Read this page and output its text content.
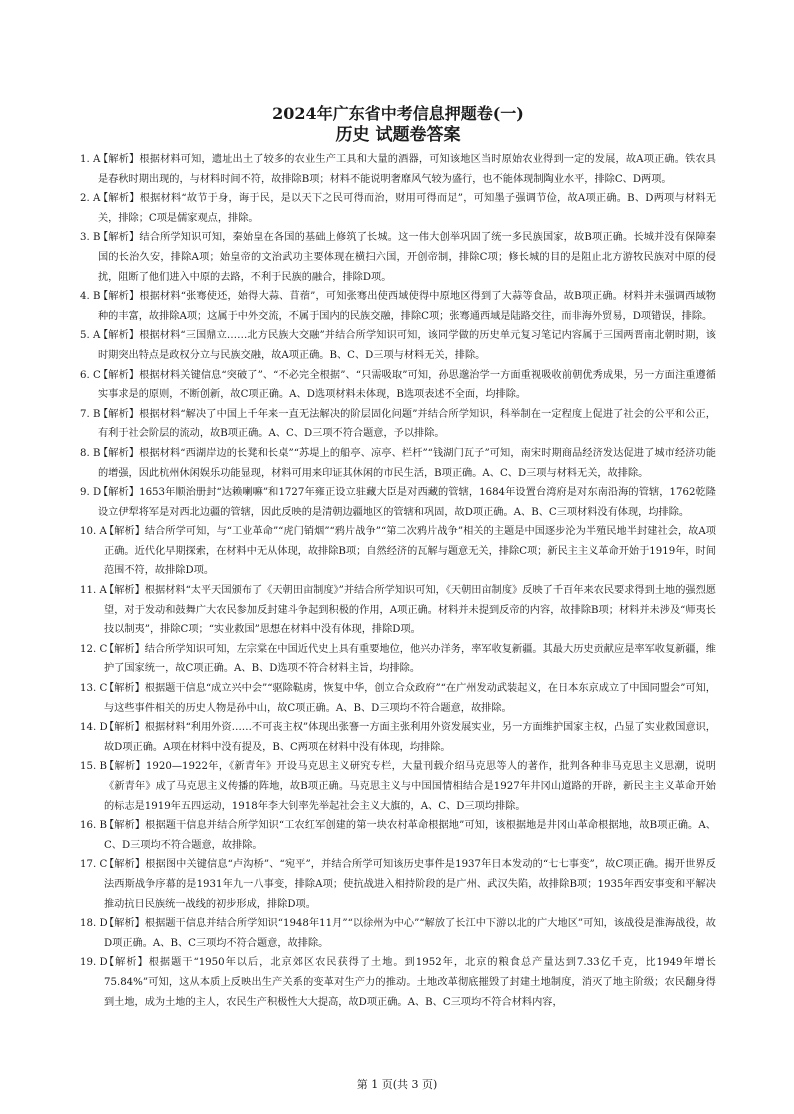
2024年广东省中考信息押题卷(一)
历史 试题卷答案
1. A
【解析】根据材料可知，遗址出土了较多的农业生产工具和大量的酒器，可知该地区当时原始农业得到一定的发展，故A项正确。铁农具是春秋时期出现的，与材料时间不符，故排除B项；材料不能说明奢靡风气较为盛行，也不能体现制陶业水平，排除C、D两项。
2. A
【解析】根据材料“故节于身，诲于民，是以天下之民可得而治，财用可得而足”，可知墨子强调节俭，故A项正确。B、D两项与材料无关，排除；C项是儒家观点，排除。
3. B
【解析】结合所学知识可知，秦始皇在各国的基础上修筑了长城。这一伟大创举巩固了统一多民族国家，故B项正确。长城并没有保障秦国的长治久安，排除A项；始皇帝的文治武功主要体现在横扫六国，开创帝制，排除C项；修长城的目的是阻止北方游牧民族对中原的侵扰，阻断了他们进入中原的去路，不利于民族的融合，排除D项。
4. B
【解析】根据材料“张骞使还，始得大蒜、苜蓿”，可知张骞出使西域使得中原地区得到了大蒜等食品，故B项正确。材料并未强调西域物种的丰富，故排除A项；这属于中外交流，不属于国内的民族交融，排除C项；张骞通西域是陆路交往，而非海外贸易，D项错误，排除。
5. A
【解析】根据材料“三国鼎立……北方民族大交融”并结合所学知识可知，该同学做的历史单元复习笔记内容属于三国两晋南北朝时期，该时期突出特点是政权分立与民族交融，故A项正确。B、C、D三项与材料无关，排除。
6. C
【解析】根据材料关键信息“突破了”、“不必完全根据”、“只需吸取”可知，孙思邈治学一方面重视吸收前朝优秀成果，另一方面注重遵循实事求是的原则，不断创新，故C项正确。A、D选项材料未体现，B选项表述不全面，均排除。
7. B
【解析】根据材料“解决了中国上千年来一直无法解决的阶层固化问题”并结合所学知识，科举制在一定程度上促进了社会的公平和公正，有利于社会阶层的流动，故B项正确。A、C、D三项不符合题意，予以排除。
8. B
【解析】根据材料“西湖岸边的长凳和长桌”“苏堤上的船亭、凉亭、栏杆”“钱湖门瓦子”可知，南宋时期商品经济发达促进了城市经济功能的增强，因此杭州休闲娱乐功能显现，材料可用来印证其休闲的市民生活，B项正确。A、C、D三项与材料无关，故排除。
9. D
【解析】1653年顺治册封“达赖喇嘛”和1727年雍正设立驻藏大臣是对西藏的管辖，1684年设置台湾府是对东南沿海的管辖，1762乾隆设立伊犁将军是对西北边疆的管辖，因此反映的是清朝边疆地区的管辖和巩固，故D项正确。A、B、C三项材料没有体现，均排除。
10. A
【解析】结合所学可知，与“工业革命”“虎门销烟”“鸦片战争”“第二次鸦片战争”相关的主题是中国逐步沦为半殖民地半封建社会，故A项正确。近代化早期探索，在材料中无从体现，故排除B项；自然经济的瓦解与题意无关，排除C项；新民主主义革命开始于1919年，时间范围不符，故排除D项。
11. A
【解析】根据材料“太平天国颁布了《天朝田亩制度》”并结合所学知识可知，《天朝田亩制度》反映了千百年来农民要求得到土地的强烈愿望，对于发动和鼓舞广大农民参加反封建斗争起到积极的作用，A项正确。材料并未提到反帝的内容，故排除B项；材料并未涉及“师夷长技以制夷”，排除C项；“实业救国”思想在材料中没有体现，排除D项。
12. C
【解析】结合所学知识可知，左宗棠在中国近代史上具有重要地位，他兴办洋务，率军收复新疆。其最大历史贡献应是率军收复新疆，维护了国家统一，故C项正确。A、B、D选项不符合材料主旨，均排除。
13. C
【解析】根据题干信息“成立兴中会”“驱除鞑虏，恢复中华，创立合众政府”“在广州发动武装起义，在日本东京成立了中国同盟会”可知，与这些事件相关的历史人物是孙中山，故C项正确。A、B、D三项均不符合题意，故排除。
14. D
【解析】根据材料“利用外资……不可丧主权”体现出张謇一方面主张利用外资发展实业，另一方面维护国家主权，凸显了实业救国意识，故D项正确。A项在材料中没有提及，B、C两项在材料中没有体现，均排除。
15. B
【解析】1920—1922年，《新青年》开设马克思主义研究专栏，大量刊载介绍马克思等人的著作，批判各种非马克思主义思潮，说明《新青年》成了马克思主义传播的阵地，故B项正确。马克思主义与中国国情相结合是1927年井冈山道路的开辟，新民主主义革命开始的标志是1919年五四运动，1918年李大钊率先举起社会主义大旗的，A、C、D三项均排除。
16. B
【解析】根据题干信息并结合所学知识“工农红军创建的第一块农村革命根据地”可知，该根据地是井冈山革命根据地，故B项正确。A、C、D三项均不符合题意，故排除。
17. C
【解析】根据图中关键信息“卢沟桥”、“宛平”，并结合所学可知该历史事件是1937年日本发动的“七七事变”，故C项正确。揭开世界反法西斯战争序幕的是1931年九一八事变，排除A项；使抗战进入相持阶段的是广州、武汉失陷，故排除B项；1935年西安事变和平解决推动抗日民族统一战线的初步形成，排除D项。
18. D
【解析】根据题干信息并结合所学知识“1948年11月”“以徐州为中心”“解放了长江中下游以北的广大地区”可知，该战役是淮海战役，故D项正确。A、B、C三项均不符合题意，故排除。
19. D
【解析】根据题干“1950年以后，北京郊区农民获得了土地。到1952年，北京的粮食总产量达到7.33亿千克，比1949年增长75.84%”可知，这从本质上反映出生产关系的变革对生产力的推动。土地改革彻底摧毁了封建土地制度，消灭了地主阶级；农民翻身得到土地，成为土地的主人，农民生产积极性大大提高，故D项正确。A、B、C三项均不符合材料内容，
第 1 页(共 3 页)
